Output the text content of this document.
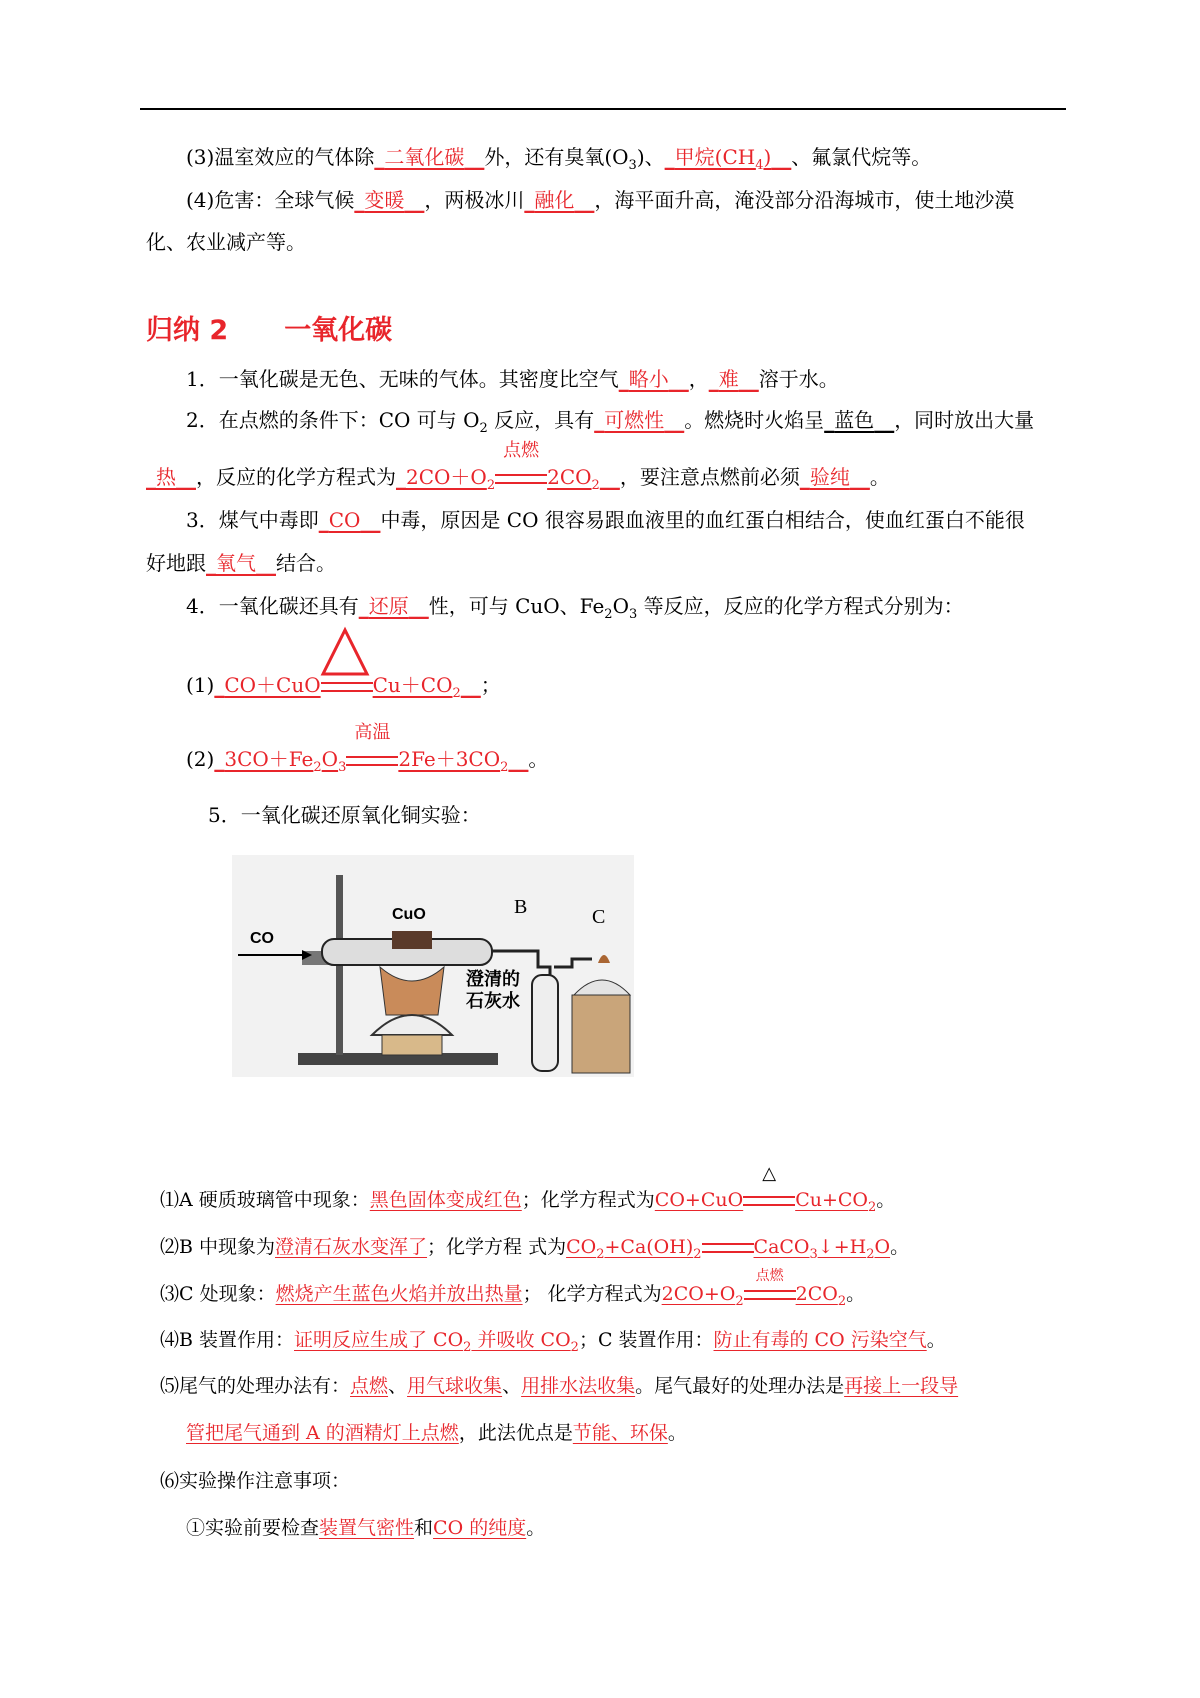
(3)温室效应的气体除_二氧化碳__外，还有臭氧$(O_3)$、_甲烷$(CH_4)\_\_$、氟氯代烷等。
(4)危害：全球气候_变暖__，两极冰川_融化__，海平面升高，淹没部分沿海城市，使土地沙漠
化、农业减产等。
归纳 2 一氧化碳
1．一氧化碳是无色、无味的气体。其密度比空气_略小__，_难__溶于水。
2．在点燃的条件下：CO 可与 $O_2$ 反应，具有_可燃性__。燃烧时火焰呈_蓝色__，同时放出大量
_热__，反应的化学方程式为$\_2CO+O_2$
点燃
$2CO_2\_\_$，要注意点燃前必须_验纯__。
3．煤气中毒即_CO__中毒，原因是 CO 很容易跟血液里的血红蛋白相结合，使血红蛋白不能很
好地跟_氧气__结合。
4．一氧化碳还具有_还原__性，可与 CuO、$Fe_2O_3$ 等反应，反应的化学方程式分别为：
(1)_CO＋CuO	$Cu+CO_2\_\_$；
$(2)\_3CO+Fe_2O_3$
高温
$2Fe+3CO_2\_\_$。
5．一氧化碳还原氧化铜实验：
CO
CuO	B	C
澄清的
石灰水
⑴A 硬质玻璃管中现象：黑色固体变成红色；化学方程式为CO+CuO
△
$Cu+CO_2$。
⑵B 中现象为澄清石灰水变浑了；化学方程 式为$CO_2+Ca(OH)_2$	$CaCO_3↓+H_2O$。
⑶C 处现象：燃烧产生蓝色火焰并放出热量； 化学方程式为$2CO+O_2$
点燃
$2CO_2$。
⑷B 装置作用：证明反应生成了 $CO_2$ 并吸收 $CO_2$；C 装置作用：防止有毒的 CO 污染空气。
⑸尾气的处理办法有：点燃、用气球收集、用排水法收集。尾气最好的处理办法是再接上一段导
管把尾气通到 A 的酒精灯上点燃，此法优点是节能、环保。
⑹实验操作注意事项：
①实验前要检查装置气密性和CO 的纯度。
